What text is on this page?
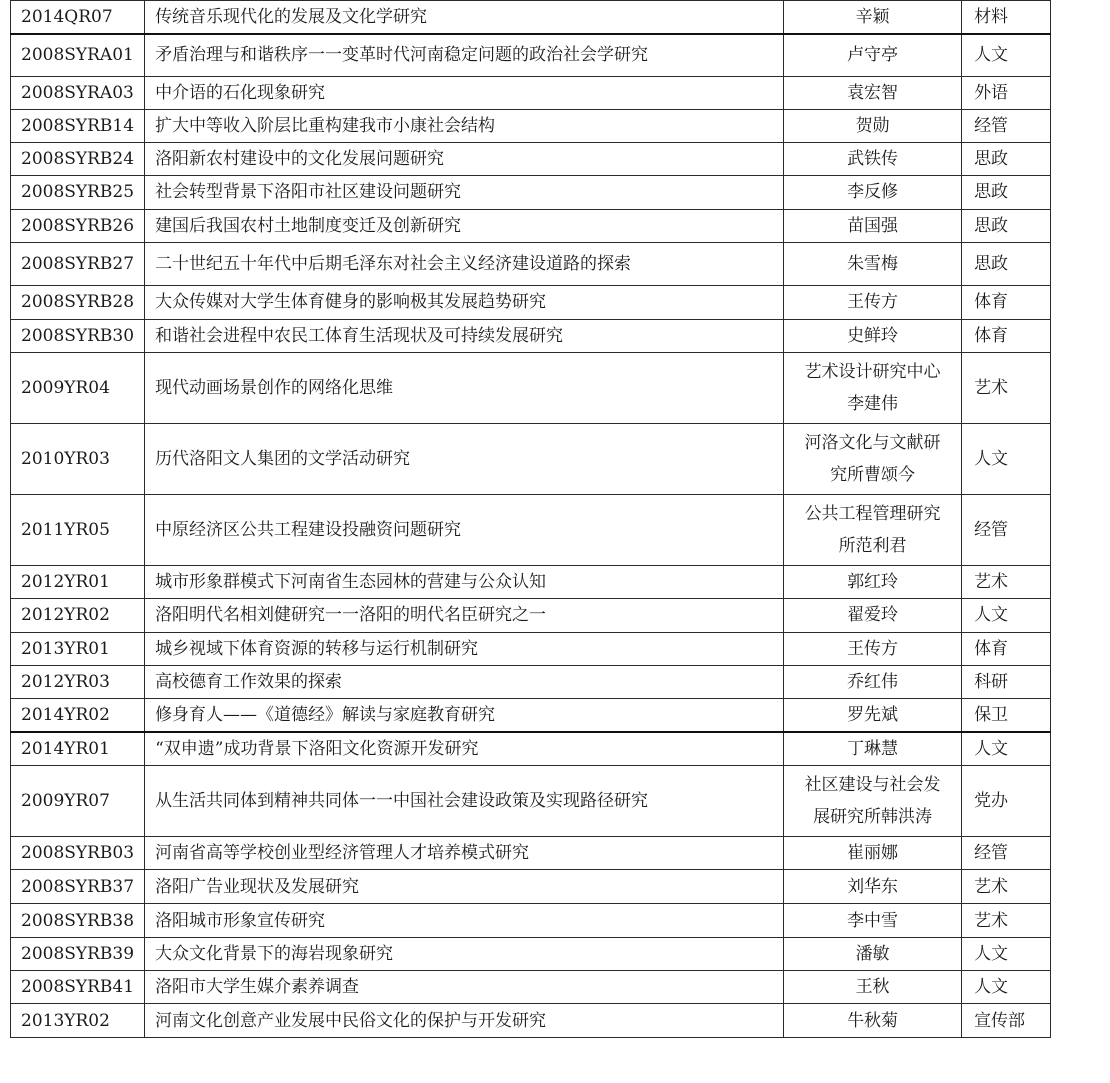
2014QR07	传统音乐现代化的发展及文化学研究	辛颖	材料
2008SYRA01	矛盾治理与和谐秩序一一变革时代河南稳定问题的政治社会学研究	卢守亭	人文
2008SYRA03	中介语的石化现象研究	袁宏智	外语
2008SYRB14	扩大中等收入阶层比重构建我市小康社会结构	贺勋	经管
2008SYRB24	洛阳新农村建设中的文化发展问题研究	武铁传	思政
2008SYRB25	社会转型背景下洛阳市社区建设问题研究	李反修	思政
2008SYRB26	建国后我国农村土地制度变迁及创新研究	苗国强	思政
2008SYRB27	二十世纪五十年代中后期毛泽东对社会主义经济建设道路的探索	朱雪梅	思政
2008SYRB28	大众传媒对大学生体育健身的影响极其发展趋势研究	王传方	体育
2008SYRB30	和谐社会进程中农民工体育生活现状及可持续发展研究	史鲜玲	体育
2009YR04	现代动画场景创作的网络化思维	艺术设计研究中心李建伟	艺术
2010YR03	历代洛阳文人集团的文学活动研究	河洛文化与文献研究所曹颂今	人文
2011YR05	中原经济区公共工程建设投融资问题研究	公共工程管理研究所范利君	经管
2012YR01	城市形象群模式下河南省生态园林的营建与公众认知	郭红玲	艺术
2012YR02	洛阳明代名相刘健研究一一洛阳的明代名臣研究之一	翟爱玲	人文
2013YR01	城乡视域下体育资源的转移与运行机制研究	王传方	体育
2012YR03	高校德育工作效果的探索	乔红伟	科研
2014YR02	修身育人——《道德经》解读与家庭教育研究	罗先斌	保卫
2014YR01	“双申遗”成功背景下洛阳文化资源开发研究	丁琳慧	人文
2009YR07	从生活共同体到精神共同体一一中国社会建设政策及实现路径研究	社区建设与社会发展研究所韩洪涛	党办
2008SYRB03	河南省高等学校创业型经济管理人才培养模式研究	崔丽娜	经管
2008SYRB37	洛阳广告业现状及发展研究	刘华东	艺术
2008SYRB38	洛阳城市形象宣传研究	李中雪	艺术
2008SYRB39	大众文化背景下的海岩现象研究	潘敏	人文
2008SYRB41	洛阳市大学生媒介素养调查	王秋	人文
2013YR02	河南文化创意产业发展中民俗文化的保护与开发研究	牛秋菊	宣传部
